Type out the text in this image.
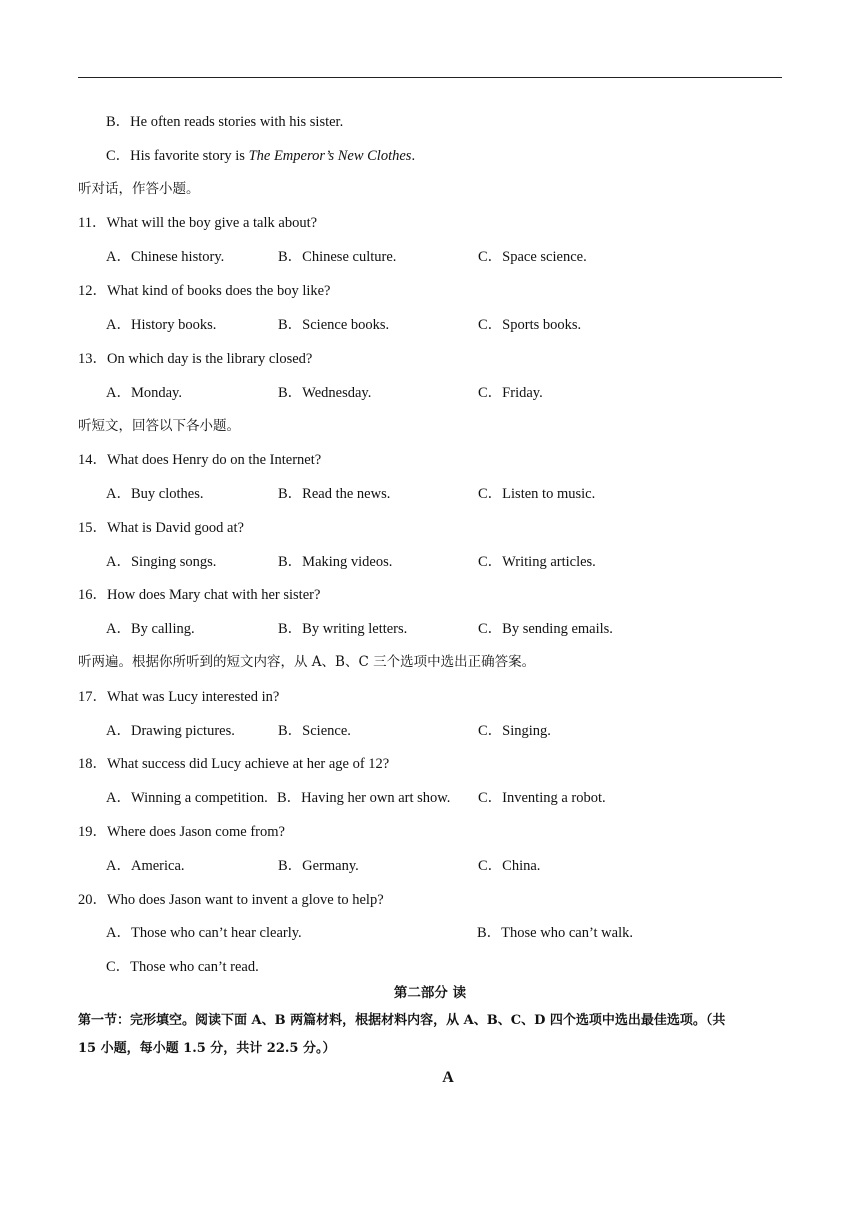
B．He often reads stories with his sister.
C．His favorite story is The Emperor’s New Clothes.
听对话，作答小题。
11．What will the boy give a talk about?
A．Chinese history.	B．Chinese culture.	C．Space science.
12．What kind of books does the boy like?
A．History books.	B．Science books.	C．Sports books.
13．On which day is the library closed?
A．Monday.	B．Wednesday.	C．Friday.
听短文，回答以下各小题。
14．What does Henry do on the Internet?
A．Buy clothes.	B．Read the news.	C．Listen to music.
15．What is David good at?
A．Singing songs.	B．Making videos.	C．Writing articles.
16．How does Mary chat with her sister?
A．By calling.	B．By writing letters.	C．By sending emails.
听两遍。根据你所听到的短文内容，从 A、B、C 三个选项中选出正确答案。
17．What was Lucy interested in?
A．Drawing pictures.	B．Science.	C．Singing.
18．What success did Lucy achieve at her age of 12?
A．Winning a competition. B．Having her own art show. C．Inventing a robot.
19．Where does Jason come from?
A．America.	B．Germany.	C．China.
20．Who does Jason want to invent a glove to help?
A．Those who can’t hear clearly.	B．Those who can’t walk.
C．Those who can’t read.
第二部分 读
第一节：完形填空。阅读下面 A、B 两篇材料，根据材料内容，从 A、B、C、D 四个选项中选出最佳选项。（共
15 小题，每小题 1.5 分，共计 22.5 分。）
A
